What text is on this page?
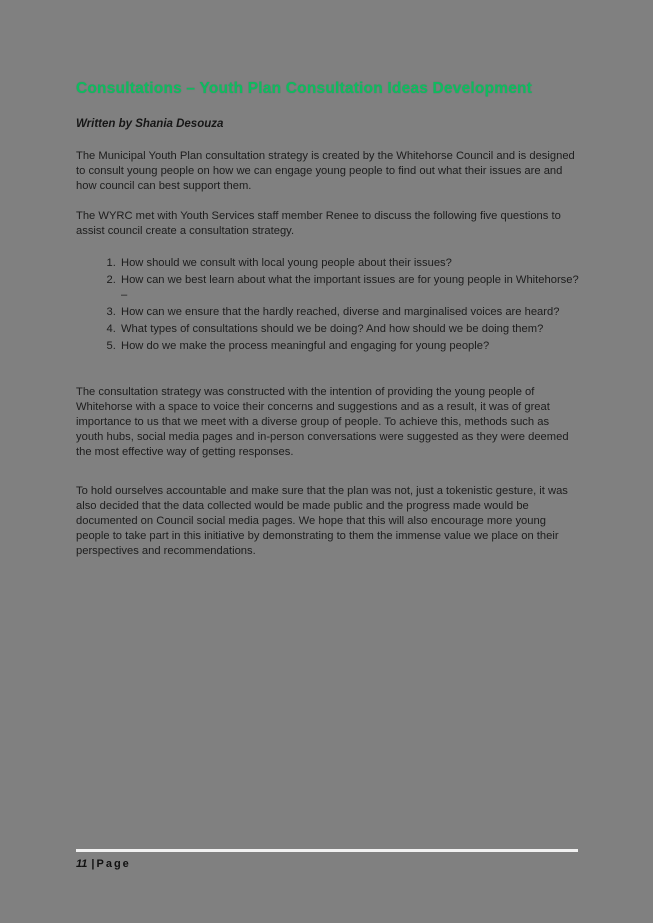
Consultations – Youth Plan Consultation Ideas Development

Written by Shania Desouza

The Municipal Youth Plan consultation strategy is created by the Whitehorse Council and is designed to consult young people on how we can engage young people to find out what their issues are and how council can best support them.

The WYRC met with Youth Services staff member Renee to discuss the following five questions to assist council create a consultation strategy.

1. How should we consult with local young people about their issues?
2. How can we best learn about what the important issues are for young people in Whitehorse? –
3. How can we ensure that the hardly reached, diverse and marginalised voices are heard?
4. What types of consultations should we be doing? And how should we be doing them?
5. How do we make the process meaningful and engaging for young people?

The consultation strategy was constructed with the intention of providing the young people of Whitehorse with a space to voice their concerns and suggestions and as a result, it was of great importance to us that we meet with a diverse group of people. To achieve this, methods such as youth hubs, social media pages and in-person conversations were suggested as they were deemed the most effective way of getting responses.

To hold ourselves accountable and make sure that the plan was not, just a tokenistic gesture, it was also decided that the data collected would be made public and the progress made would be documented on Council social media pages. We hope that this will also encourage more young people to take part in this initiative by demonstrating to them the immense value we place on their perspectives and recommendations.

11 | Page
